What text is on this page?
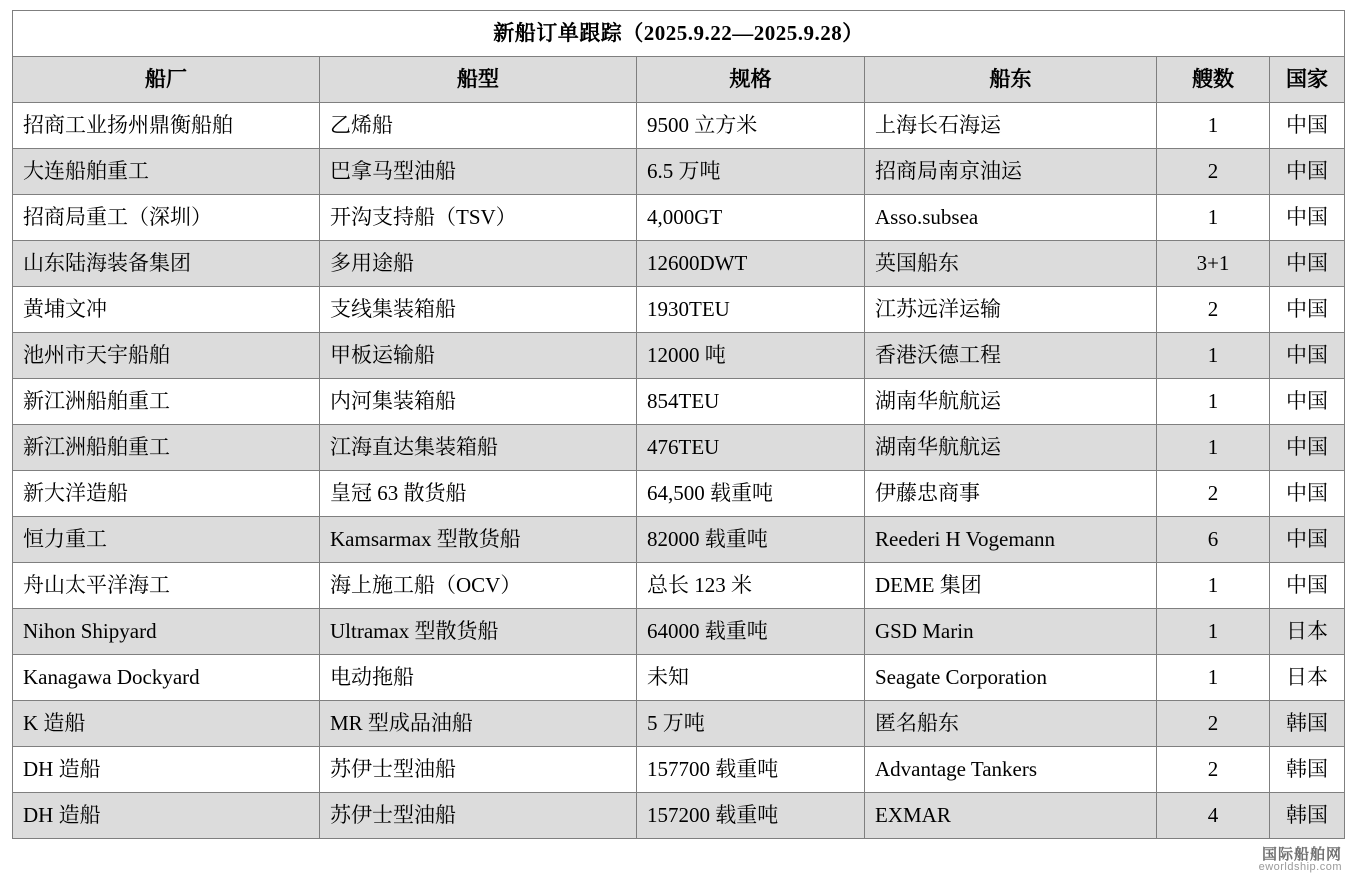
新船订单跟踪（2025.9.22—2025.9.28）					
船厂	船型	规格	船东	艘数	国家
招商工业扬州鼎衡船舶	乙烯船	9500 立方米	上海长石海运	1	中国
大连船舶重工	巴拿马型油船	6.5 万吨	招商局南京油运	2	中国
招商局重工（深圳）	开沟支持船（TSV）	4,000GT	Asso.subsea	1	中国
山东陆海装备集团	多用途船	12600DWT	英国船东	3+1	中国
黄埔文冲	支线集装箱船	1930TEU	江苏远洋运输	2	中国
池州市天宇船舶	甲板运输船	12000 吨	香港沃德工程	1	中国
新江洲船舶重工	内河集装箱船	854TEU	湖南华航航运	1	中国
新江洲船舶重工	江海直达集装箱船	476TEU	湖南华航航运	1	中国
新大洋造船	皇冠 63 散货船	64,500 载重吨	伊藤忠商事	2	中国
恒力重工	Kamsarmax 型散货船	82000 载重吨	Reederi H Vogemann	6	中国
舟山太平洋海工	海上施工船（OCV）	总长 123 米	DEME 集团	1	中国
Nihon Shipyard	Ultramax 型散货船	64000 载重吨	GSD Marin	1	日本
Kanagawa Dockyard	电动拖船	未知	Seagate Corporation	1	日本
K 造船	MR 型成品油船	5 万吨	匿名船东	2	韩国
DH 造船	苏伊士型油船	157700 载重吨	Advantage Tankers	2	韩国
DH 造船	苏伊士型油船	157200 载重吨	EXMAR	4	韩国
国际船舶网
eworldship.com
